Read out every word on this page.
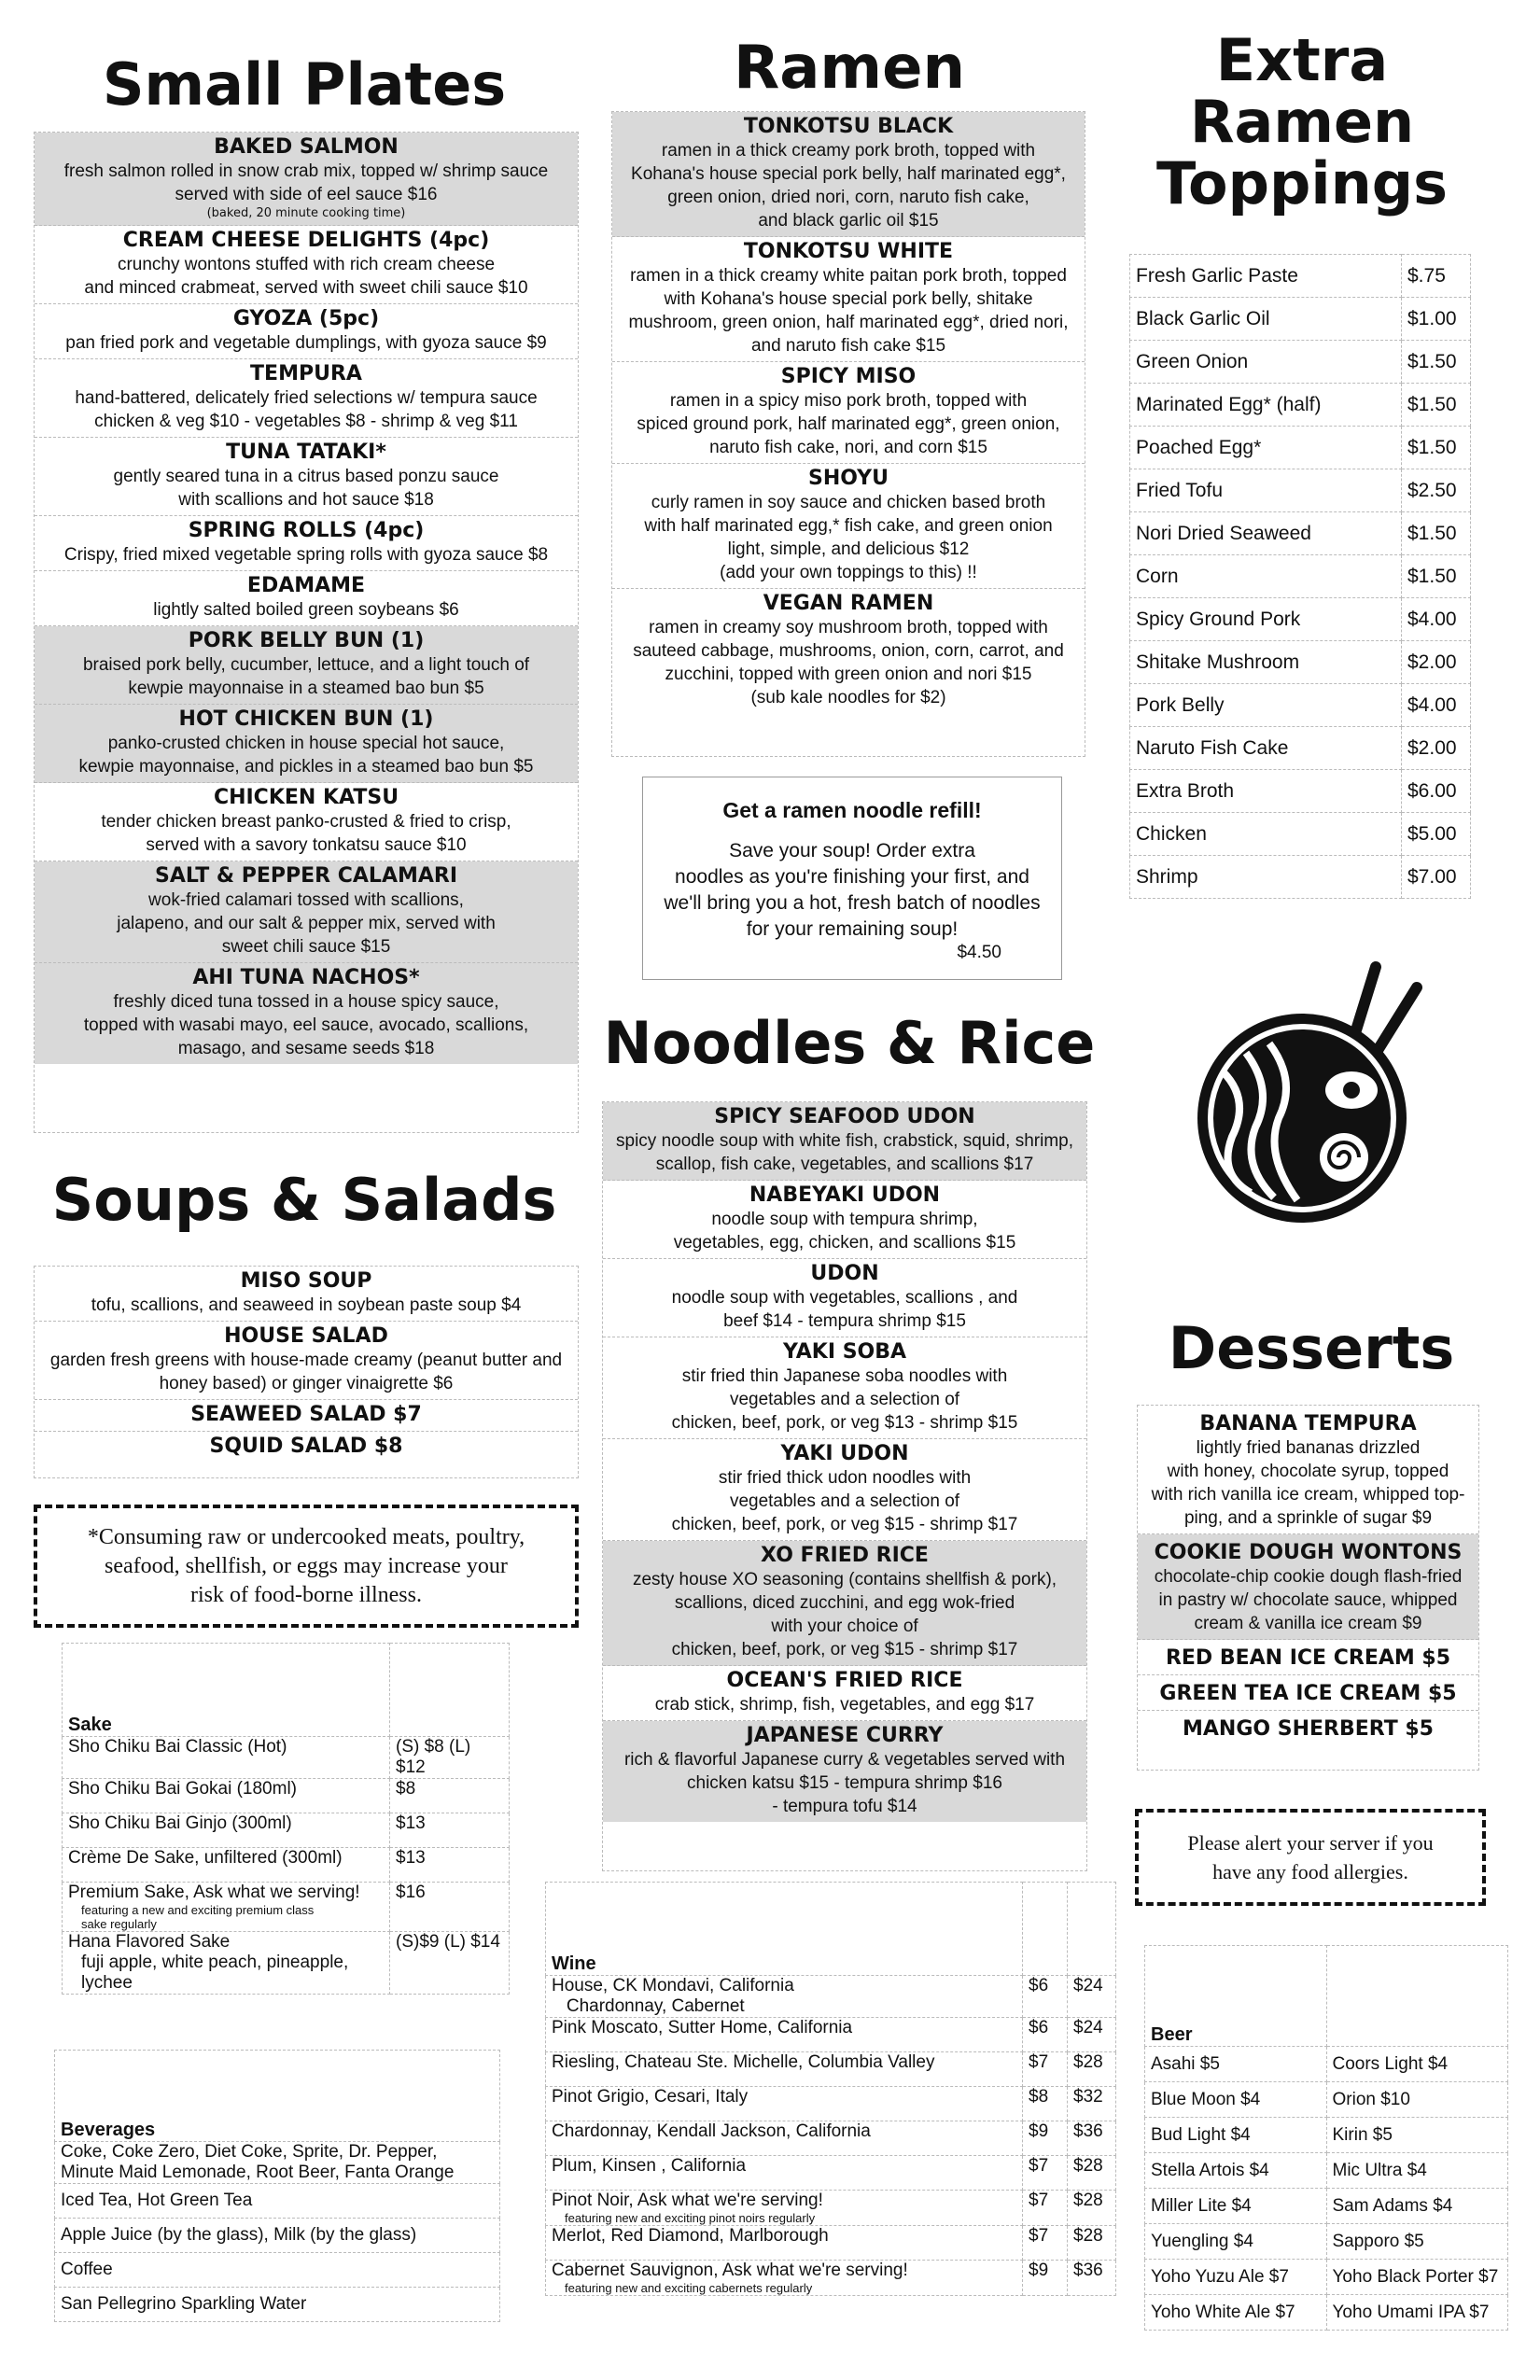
Small Plates	Ramen	Extra
Ramen
Toppings
Soups & Salads
Noodles & Rice
Desserts
BAKED SALMON
fresh salmon rolled in snow crab mix, topped w/ shrimp sauce
served with side of eel sauce $16
(baked, 20 minute cooking time)
CREAM CHEESE DELIGHTS (4pc)
crunchy wontons stuffed with rich cream cheese
and minced crabmeat, served with sweet chili sauce $10
GYOZA (5pc)
pan fried pork and vegetable dumplings, with gyoza sauce $9
TEMPURA
hand-battered, delicately fried selections w/ tempura sauce
chicken & veg $10 - vegetables $8 - shrimp & veg $11
TUNA TATAKI*
gently seared tuna in a citrus based ponzu sauce
with scallions and hot sauce $18
SPRING ROLLS (4pc)
Crispy, fried mixed vegetable spring rolls with gyoza sauce $8
EDAMAME
lightly salted boiled green soybeans $6
PORK BELLY BUN (1)
braised pork belly, cucumber, lettuce, and a light touch of
kewpie mayonnaise in a steamed bao bun $5
HOT CHICKEN BUN (1)
panko-crusted chicken in house special hot sauce,
kewpie mayonnaise, and pickles in a steamed bao bun $5
CHICKEN KATSU
tender chicken breast panko-crusted & fried to crisp,
served with a savory tonkatsu sauce $10
SALT & PEPPER CALAMARI
wok-fried calamari tossed with scallions,
jalapeno, and our salt & pepper mix, served with
sweet chili sauce $15
AHI TUNA NACHOS*
freshly diced tuna tossed in a house spicy sauce,
topped with wasabi mayo, eel sauce, avocado, scallions,
masago, and sesame seeds $18
TONKOTSU BLACK
ramen in a thick creamy pork broth, topped with
Kohana's house special pork belly, half marinated egg*,
green onion, dried nori, corn, naruto fish cake,
and black garlic oil $15
TONKOTSU WHITE
ramen in a thick creamy white paitan pork broth, topped
with Kohana's house special pork belly, shitake
mushroom, green onion, half marinated egg*, dried nori,
and naruto fish cake $15
SPICY MISO
ramen in a spicy miso pork broth, topped with
spiced ground pork, half marinated egg*, green onion,
naruto fish cake, nori, and corn $15
SHOYU
curly ramen in soy sauce and chicken based broth
with half marinated egg,* fish cake, and green onion
light, simple, and delicious $12
(add your own toppings to this) !!
VEGAN RAMEN
ramen in creamy soy mushroom broth, topped with
sauteed cabbage, mushrooms, onion, corn, carrot, and
zucchini, topped with green onion and nori $15
(sub kale noodles for $2)
Get a ramen noodle refill!
Save your soup! Order extra
noodles as you're finishing your first, and
we'll bring you a hot, fresh batch of noodles
for your remaining soup!
$4.50
Fresh Garlic Paste	$.75
Black Garlic Oil	$1.00
Green Onion	$1.50
Marinated Egg* (half)	$1.50
Poached Egg*	$1.50
Fried Tofu	$2.50
Nori Dried Seaweed	$1.50
Corn	$1.50
Spicy Ground Pork	$4.00
Shitake Mushroom	$2.00
Pork Belly	$4.00
Naruto Fish Cake	$2.00
Extra Broth	$6.00
Chicken	$5.00
Shrimp	$7.00
MISO SOUP
tofu, scallions, and seaweed in soybean paste soup $4
HOUSE SALAD
garden fresh greens with house-made creamy (peanut butter and
honey based) or ginger vinaigrette $6
SEAWEED SALAD $7
SQUID SALAD $8
*Consuming raw or undercooked meats, poultry,
seafood, shellfish, or eggs may increase your
risk of food-borne illness.
SPICY SEAFOOD UDON
spicy noodle soup with white fish, crabstick, squid, shrimp,
scallop, fish cake, vegetables, and scallions $17
NABEYAKI UDON
noodle soup with tempura shrimp,
vegetables, egg, chicken, and scallions $15
UDON
noodle soup with vegetables, scallions , and
beef $14 - tempura shrimp $15
YAKI SOBA
stir fried thin Japanese soba noodles with
vegetables and a selection of
chicken, beef, pork, or veg $13 - shrimp $15
YAKI UDON
stir fried thick udon noodles with
vegetables and a selection of
chicken, beef, pork, or veg $15 - shrimp $17
XO FRIED RICE
zesty house XO seasoning (contains shellfish & pork),
scallions, diced zucchini, and egg wok-fried
with your choice of
chicken, beef, pork, or veg $15 - shrimp $17
OCEAN'S FRIED RICE
crab stick, shrimp, fish, vegetables, and egg $17
JAPANESE CURRY
rich & flavorful Japanese curry & vegetables served with
chicken katsu $15 - tempura shrimp $16
- tempura tofu $14
BANANA TEMPURA
lightly fried bananas drizzled
with honey, chocolate syrup, topped
with rich vanilla ice cream, whipped top-
ping, and a sprinkle of sugar $9
COOKIE DOUGH WONTONS
chocolate-chip cookie dough flash-fried
in pastry w/ chocolate sauce, whipped
cream & vanilla ice cream $9
RED BEAN ICE CREAM $5
GREEN TEA ICE CREAM $5
MANGO SHERBERT $5
Please alert your server if you
have any food allergies.
Sake	
Sho Chiku Bai Classic (Hot)	(S) $8 (L) $12
Sho Chiku Bai Gokai (180ml)	$8
Sho Chiku Bai Ginjo (300ml)	$13
Crème De Sake, unfiltered (300ml)	$13
Premium Sake, Ask what we serving!
featuring a new and exciting premium class
sake regularly	$16
Hana Flavored Sake
fuji apple, white peach, pineapple,
lychee	(S)$9 (L) $14
Beverages
Coke, Coke Zero, Diet Coke, Sprite, Dr. Pepper,
Minute Maid Lemonade, Root Beer, Fanta Orange
Iced Tea, Hot Green Tea
Apple Juice (by the glass), Milk (by the glass)
Coffee
San Pellegrino Sparkling Water
Wine		
House, CK Mondavi, California
Chardonnay, Cabernet	$6	$24
Pink Moscato, Sutter Home, California	$6	$24
Riesling, Chateau Ste. Michelle, Columbia Valley	$7	$28
Pinot Grigio, Cesari, Italy	$8	$32
Chardonnay, Kendall Jackson, California	$9	$36
Plum, Kinsen , California	$7	$28
Pinot Noir, Ask what we're serving!
featuring new and exciting pinot noirs regularly	$7	$28
Merlot, Red Diamond, Marlborough	$7	$28
Cabernet Sauvignon, Ask what we're serving!
featuring new and exciting cabernets regularly	$9	$36
Beer	
Asahi $5	Coors Light $4
Blue Moon $4	Orion $10
Bud Light $4	Kirin $5
Stella Artois $4	Mic Ultra $4
Miller Lite $4	Sam Adams $4
Yuengling $4	Sapporo $5
Yoho Yuzu Ale $7	Yoho Black Porter $7
Yoho White Ale $7	Yoho Umami IPA $7
